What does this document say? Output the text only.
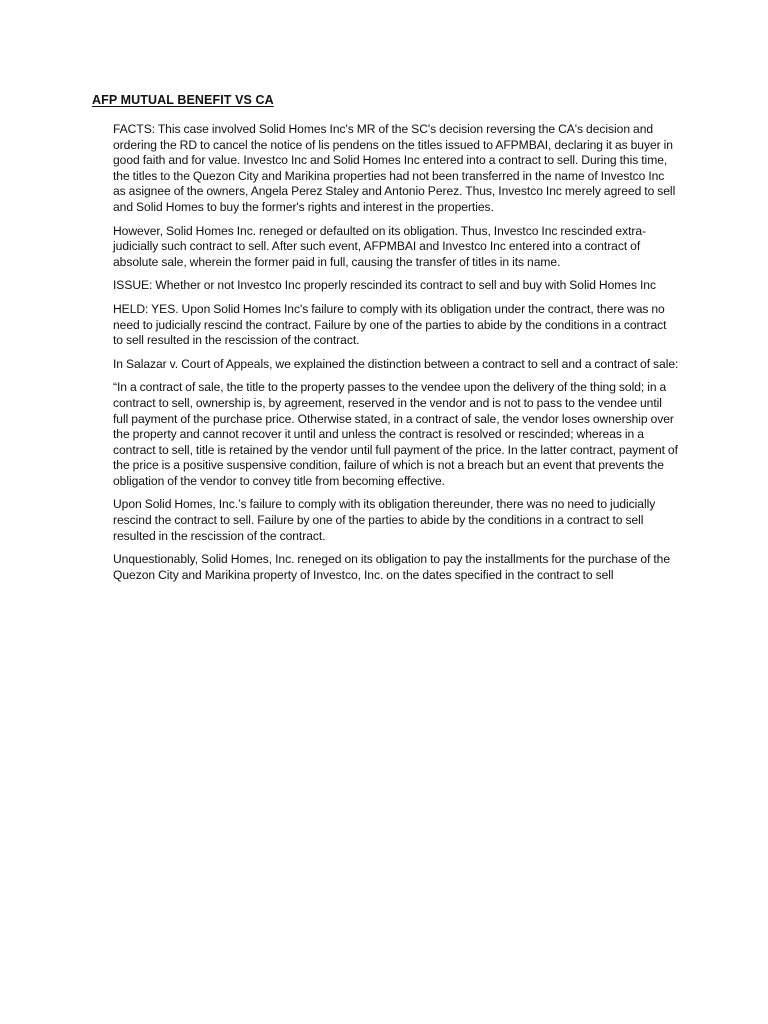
AFP MUTUAL BENEFIT VS CA

FACTS: This case involved Solid Homes Inc's MR of the SC's decision reversing the CA's decision and ordering the RD to cancel the notice of lis pendens on the titles issued to AFPMBAI, declaring it as buyer in good faith and for value. Investco Inc and Solid Homes Inc entered into a contract to sell. During this time, the titles to the Quezon City and Marikina properties had not been transferred in the name of Investco Inc as asignee of the owners, Angela Perez Staley and Antonio Perez. Thus, Investco Inc merely agreed to sell and Solid Homes to buy the former's rights and interest in the properties.

However, Solid Homes Inc. reneged or defaulted on its obligation. Thus, Investco Inc rescinded extra-judicially such contract to sell. After such event, AFPMBAI and Investco Inc entered into a contract of absolute sale, wherein the former paid in full, causing the transfer of titles in its name.

ISSUE: Whether or not Investco Inc properly rescinded its contract to sell and buy with Solid Homes Inc

HELD: YES. Upon Solid Homes Inc's failure to comply with its obligation under the contract, there was no need to judicially rescind the contract. Failure by one of the parties to abide by the conditions in a contract to sell resulted in the rescission of the contract.

In Salazar v. Court of Appeals, we explained the distinction between a contract to sell and a contract of sale:

“In a contract of sale, the title to the property passes to the vendee upon the delivery of the thing sold; in a contract to sell, ownership is, by agreement, reserved in the vendor and is not to pass to the vendee until full payment of the purchase price. Otherwise stated, in a contract of sale, the vendor loses ownership over the property and cannot recover it until and unless the contract is resolved or rescinded; whereas in a contract to sell, title is retained by the vendor until full payment of the price. In the latter contract, payment of the price is a positive suspensive condition, failure of which is not a breach but an event that prevents the obligation of the vendor to convey title from becoming effective.

Upon Solid Homes, Inc.’s failure to comply with its obligation thereunder, there was no need to judicially rescind the contract to sell. Failure by one of the parties to abide by the conditions in a contract to sell resulted in the rescission of the contract.

Unquestionably, Solid Homes, Inc. reneged on its obligation to pay the installments for the purchase of the Quezon City and Marikina property of Investco, Inc. on the dates specified in the contract to sell
